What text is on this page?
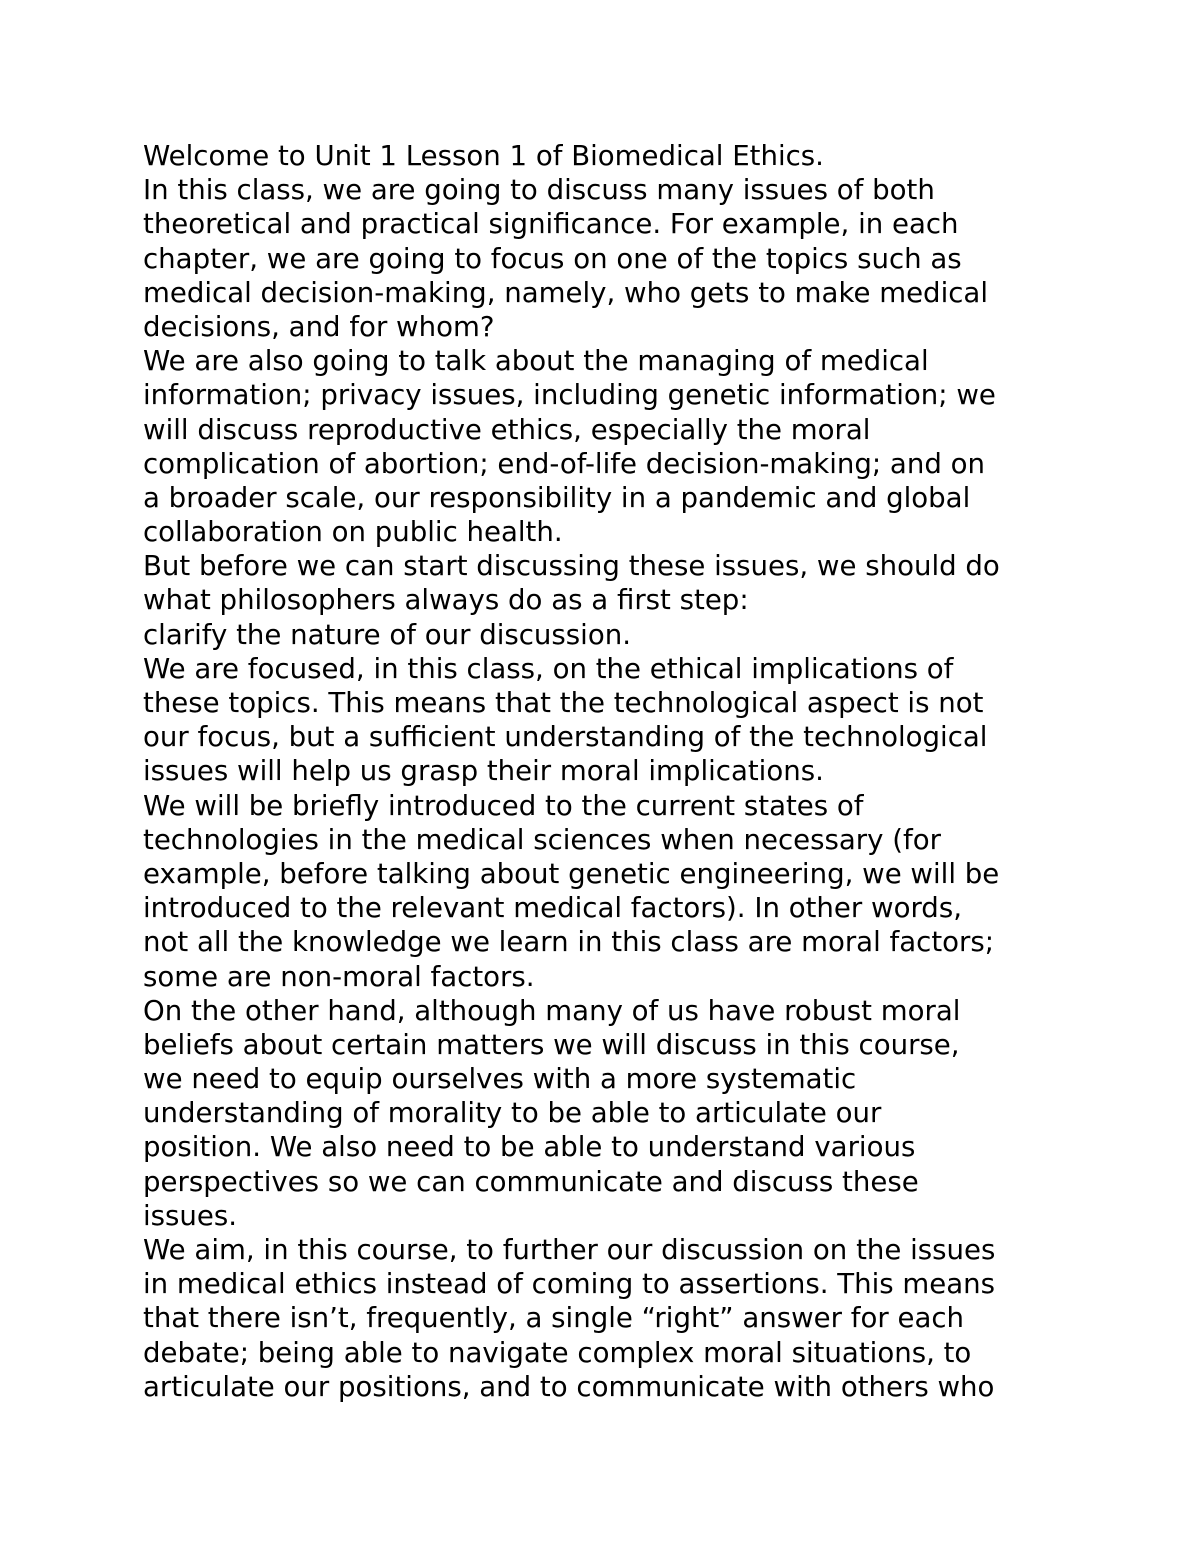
Welcome to Unit 1 Lesson 1 of Biomedical Ethics.
In this class, we are going to discuss many issues of both
theoretical and practical significance. For example, in each
chapter, we are going to focus on one of the topics such as
medical decision-making, namely, who gets to make medical
decisions, and for whom?
We are also going to talk about the managing of medical
information; privacy issues, including genetic information; we
will discuss reproductive ethics, especially the moral
complication of abortion; end-of-life decision-making; and on
a broader scale, our responsibility in a pandemic and global
collaboration on public health.
But before we can start discussing these issues, we should do
what philosophers always do as a first step:
clarify the nature of our discussion.
We are focused, in this class, on the ethical implications of
these topics. This means that the technological aspect is not
our focus, but a sufficient understanding of the technological
issues will help us grasp their moral implications.
We will be briefly introduced to the current states of
technologies in the medical sciences when necessary (for
example, before talking about genetic engineering, we will be
introduced to the relevant medical factors). In other words,
not all the knowledge we learn in this class are moral factors;
some are non-moral factors.
On the other hand, although many of us have robust moral
beliefs about certain matters we will discuss in this course,
we need to equip ourselves with a more systematic
understanding of morality to be able to articulate our
position. We also need to be able to understand various
perspectives so we can communicate and discuss these
issues.
We aim, in this course, to further our discussion on the issues
in medical ethics instead of coming to assertions. This means
that there isn’t, frequently, a single “right” answer for each
debate; being able to navigate complex moral situations, to
articulate our positions, and to communicate with others who
